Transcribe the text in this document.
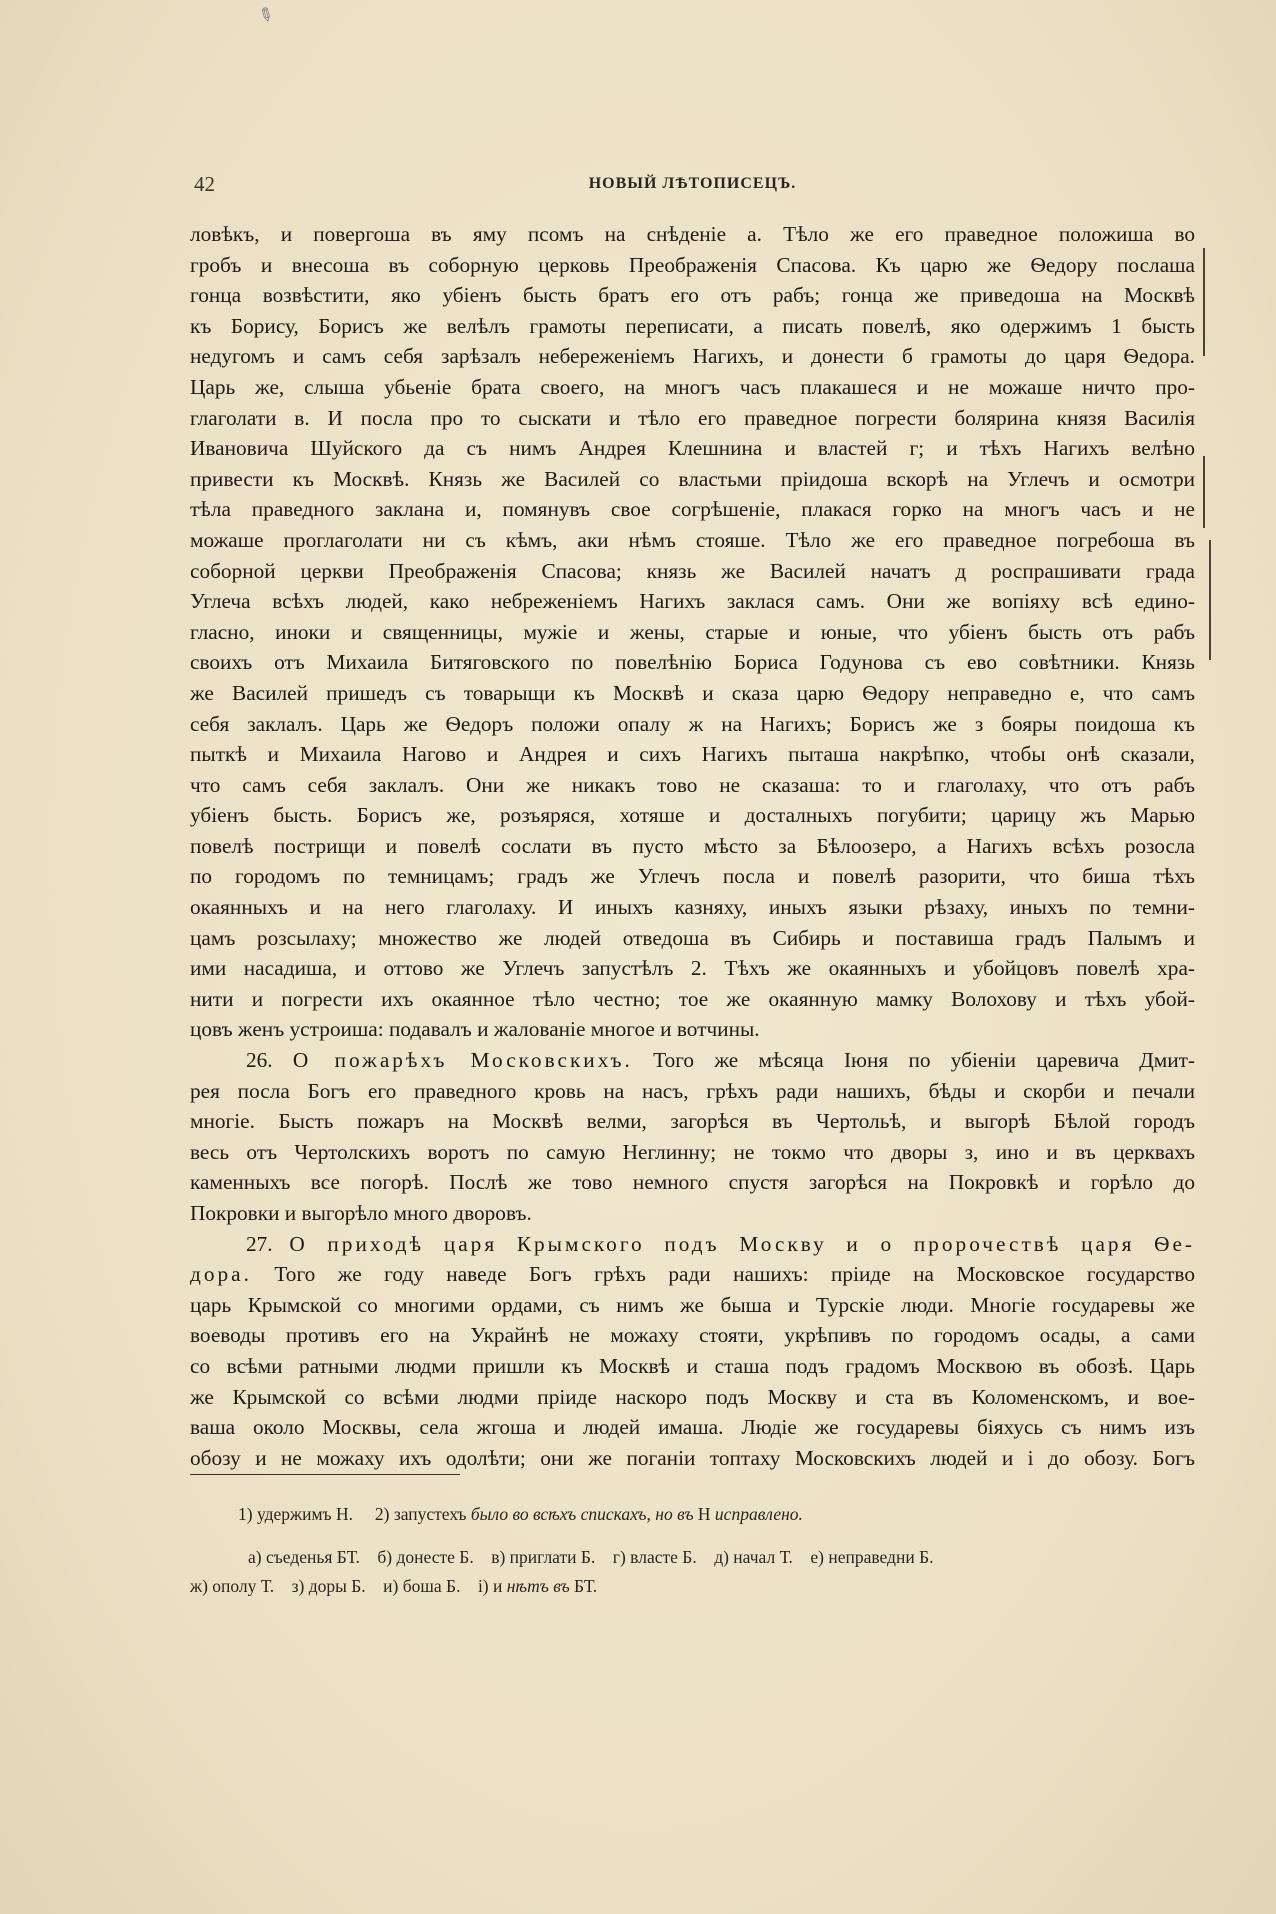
✎
42	НОВЫЙ ЛѢТОПИСЕЦЪ.
ловѣкъ, и повергоша въ яму псомъ на снѣденіе а. Тѣло же его праведное положиша во
гробъ и внесоша въ соборную церковь Преображенія Спасова. Къ царю же Ѳедору послаша
гонца возвѣстити, яко убіенъ бысть братъ его отъ рабъ; гонца же приведоша на Москвѣ
къ Борису, Борисъ же велѣлъ грамоты переписати, а писать повелѣ, яко одержимъ 1 бысть
недугомъ и самъ себя зарѣзалъ небереженіемъ Нагихъ, и донести б грамоты до царя Ѳедора.
Царь же, слыша убьеніе брата своего, на многъ часъ плакашеся и не можаше ничто про-
глаголати в. И посла про то сыскати и тѣло его праведное погрести болярина князя Василія
Ивановича Шуйского да съ нимъ Андрея Клешнина и властей г; и тѣхъ Нагихъ велѣно
привести къ Москвѣ. Князь же Василей со властьми пріидоша вскорѣ на Углечъ и осмотри
тѣла праведного заклана и, помянувъ свое согрѣшеніе, плакася горко на многъ часъ и не
можаше проглаголати ни съ кѣмъ, аки нѣмъ стояше. Тѣло же его праведное погребоша въ
соборной церкви Преображенія Спасова; князь же Василей начатъ д роспрашивати града
Углеча всѣхъ людей, како небреженіемъ Нагихъ заклася самъ. Они же вопіяху всѣ едино-
гласно, иноки и священницы, мужіе и жены, старые и юные, что убіенъ бысть отъ рабъ
своихъ отъ Михаила Битяговского по повелѣнію Бориса Годунова съ ево совѣтники. Князь
же Василей пришедъ съ товарыщи къ Москвѣ и сказа царю Ѳедору неправедно е, что самъ
себя заклалъ. Царь же Ѳедоръ положи опалу ж на Нагихъ; Борисъ же з бояры поидоша къ
пыткѣ и Михаила Нагово и Андрея и сихъ Нагихъ пыташа накрѣпко, чтобы онѣ сказали,
что самъ себя заклалъ. Они же никакъ тово не сказаша: то и глаголаху, что отъ рабъ
убіенъ бысть. Борисъ же, розъяряся, хотяше и досталныхъ погубити; царицу жъ Марью
повелѣ пострищи и повелѣ сослати въ пусто мѣсто за Бѣлоозеро, а Нагихъ всѣхъ розосла
по городомъ по темницамъ; градъ же Углечъ посла и повелѣ разорити, что биша тѣхъ
окаянныхъ и на него глаголаху. И иныхъ казняху, иныхъ языки рѣзаху, иныхъ по темни-
цамъ розсылаху; множество же людей отведоша въ Сибирь и поставиша градъ Палымъ и
ими насадиша, и оттово же Углечъ запустѣлъ 2. Тѣхъ же окаянныхъ и убойцовъ повелѣ хра-
нити и погрести ихъ окаянное тѣло честно; тое же окаянную мамку Волохову и тѣхъ убой-
цовъ женъ устроиша: подавалъ и жалованіе многое и вотчины.
26. О пожарѣхъ Московскихъ. Того же мѣсяца Іюня по убіеніи царевича Дмит-
рея посла Богъ его праведного кровь на насъ, грѣхъ ради нашихъ, бѣды и скорби и печали
многіе. Бысть пожаръ на Москвѣ велми, загорѣся въ Чертольѣ, и выгорѣ Бѣлой городъ
весь отъ Чертолскихъ воротъ по самую Неглинну; не токмо что дворы з, ино и въ церквахъ
каменныхъ все погорѣ. Послѣ же тово немного спустя загорѣся на Покровкѣ и горѣло до
Покровки и выгорѣло много дворовъ.
27. О приходѣ царя Крымского подъ Москву и о пророчествѣ царя Ѳе-
дора. Того же году наведе Богъ грѣхъ ради нашихъ: пріиде на Московское государство
царь Крымской со многими ордами, съ нимъ же быша и Турскіе люди. Многіе государевы же
воеводы противъ его на Украйнѣ не можаху стояти, укрѣпивъ по городомъ осады, а сами
со всѣми ратными людми пришли къ Москвѣ и сташа подъ градомъ Москвою въ обозѣ. Царь
же Крымской со всѣми людми пріиде наскоро подъ Москву и ста въ Коломенскомъ, и вое-
ваша около Москвы, села жгоша и людей имаша. Людіе же государевы біяхусь съ нимъ изъ
обозу и не можаху ихъ одолѣти; они же поганіи топтаху Московскихъ людей и і до обозу. Богъ
1) удержимъ Н. 2) запустехъ было во всѣхъ спискахъ, но въ Н исправлено.
а) съеденья БТ.    б) донесте Б.    в) приглати Б.    г) власте Б.    д) начал Т.    е) неправедни Б.
ж) ополу Т.    з) доры Б.    и) боша Б.    і) и нѣтъ въ БТ.
